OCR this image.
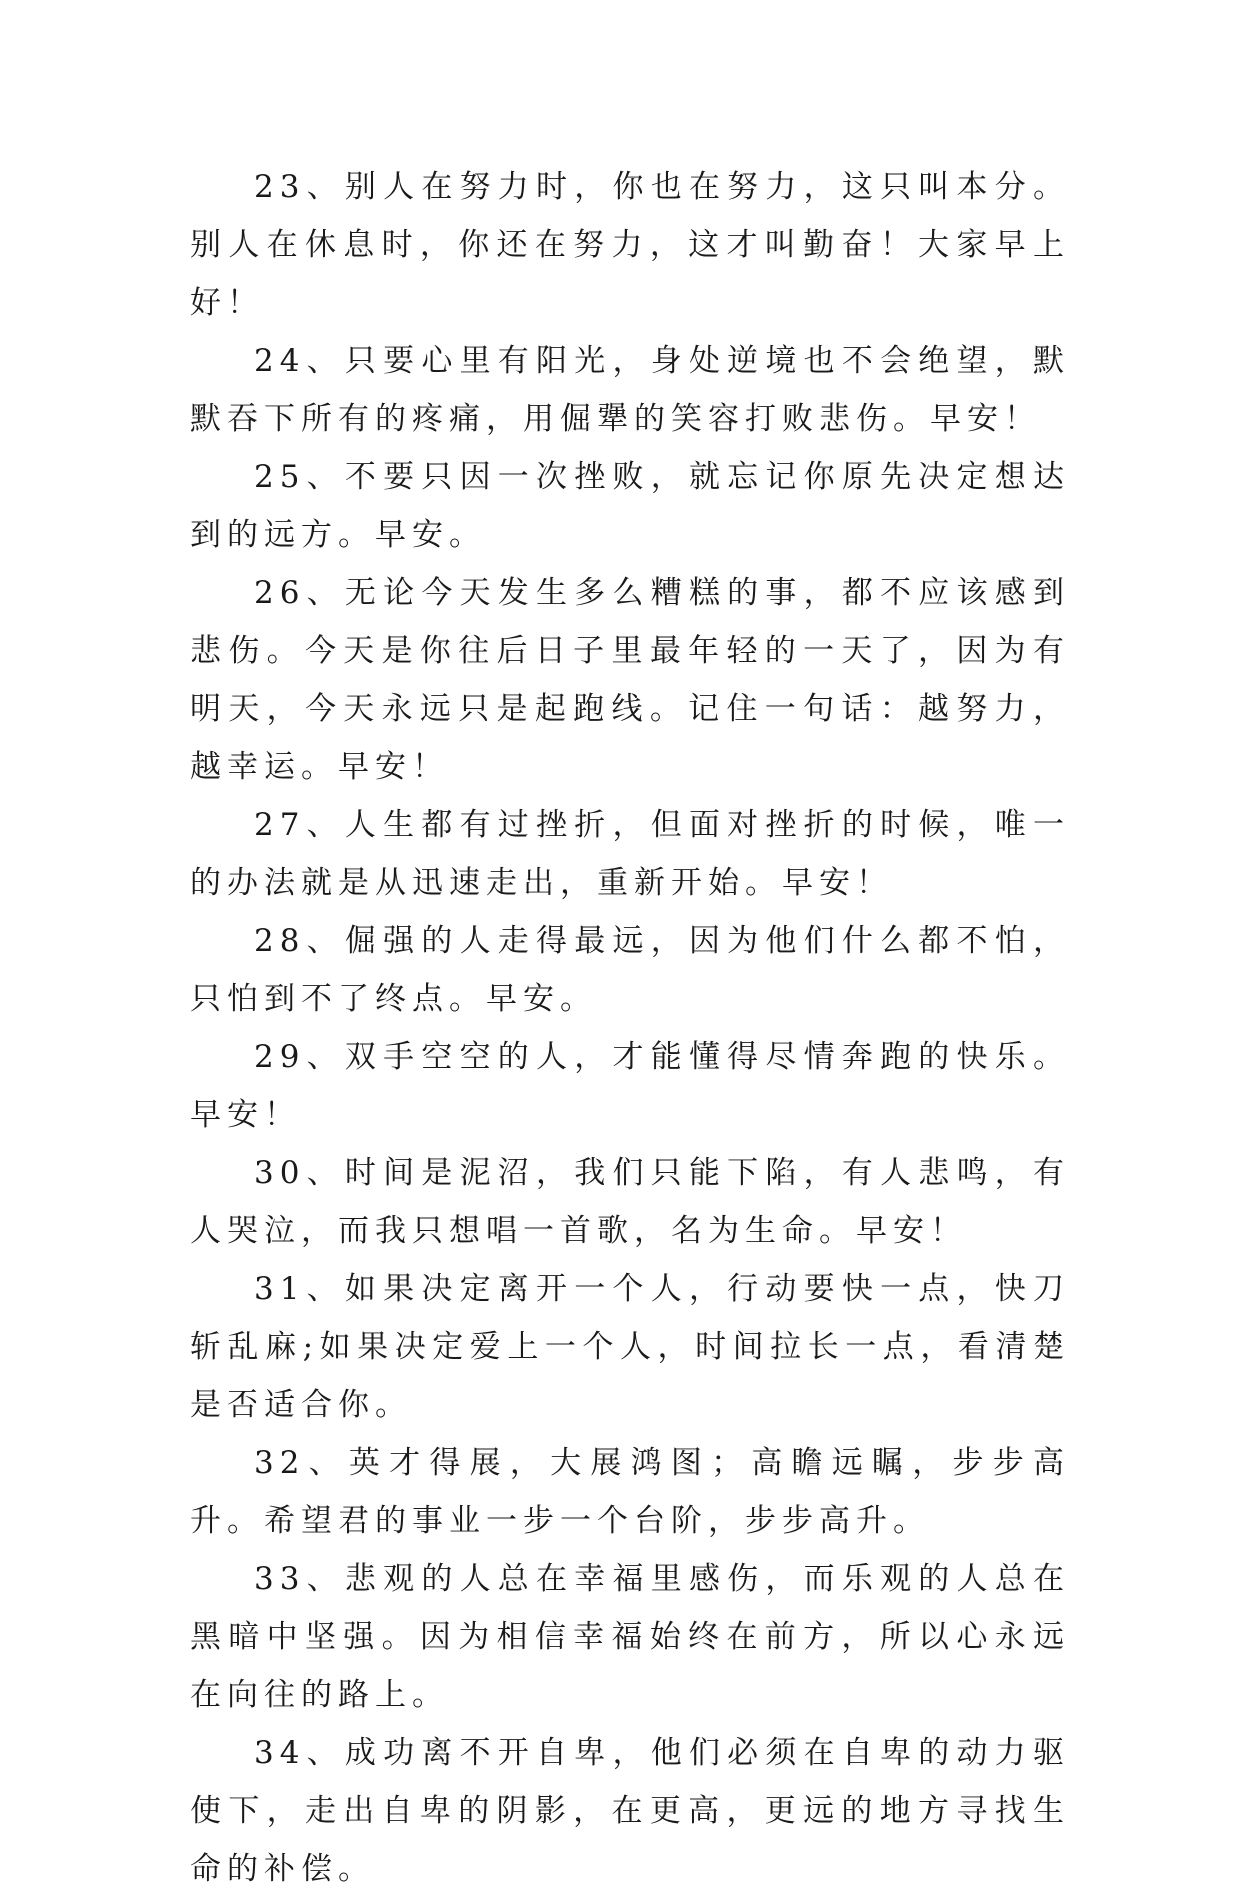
23、别人在努力时，你也在努力，这只叫本分。别人在休息时，你还在努力，这才叫勤奋！大家早上好！

24、只要心里有阳光，身处逆境也不会绝望，默默吞下所有的疼痛，用倔犟的笑容打败悲伤。早安！

25、不要只因一次挫败，就忘记你原先决定想达到的远方。早安。

26、无论今天发生多么糟糕的事，都不应该感到悲伤。今天是你往后日子里最年轻的一天了，因为有明天，今天永远只是起跑线。记住一句话：越努力，越幸运。早安！

27、人生都有过挫折，但面对挫折的时候，唯一的办法就是从迅速走出，重新开始。早安！

28、倔强的人走得最远，因为他们什么都不怕，只怕到不了终点。早安。

29、双手空空的人，才能懂得尽情奔跑的快乐。早安！

30、时间是泥沼，我们只能下陷，有人悲鸣，有人哭泣，而我只想唱一首歌，名为生命。早安！

31、如果决定离开一个人，行动要快一点，快刀斩乱麻;如果决定爱上一个人，时间拉长一点，看清楚是否适合你。

32、英才得展，大展鸿图；高瞻远瞩，步步高升。希望君的事业一步一个台阶，步步高升。

33、悲观的人总在幸福里感伤，而乐观的人总在黑暗中坚强。因为相信幸福始终在前方，所以心永远在向往的路上。

34、成功离不开自卑，他们必须在自卑的动力驱使下，走出自卑的阴影，在更高，更远的地方寻找生命的补偿。
